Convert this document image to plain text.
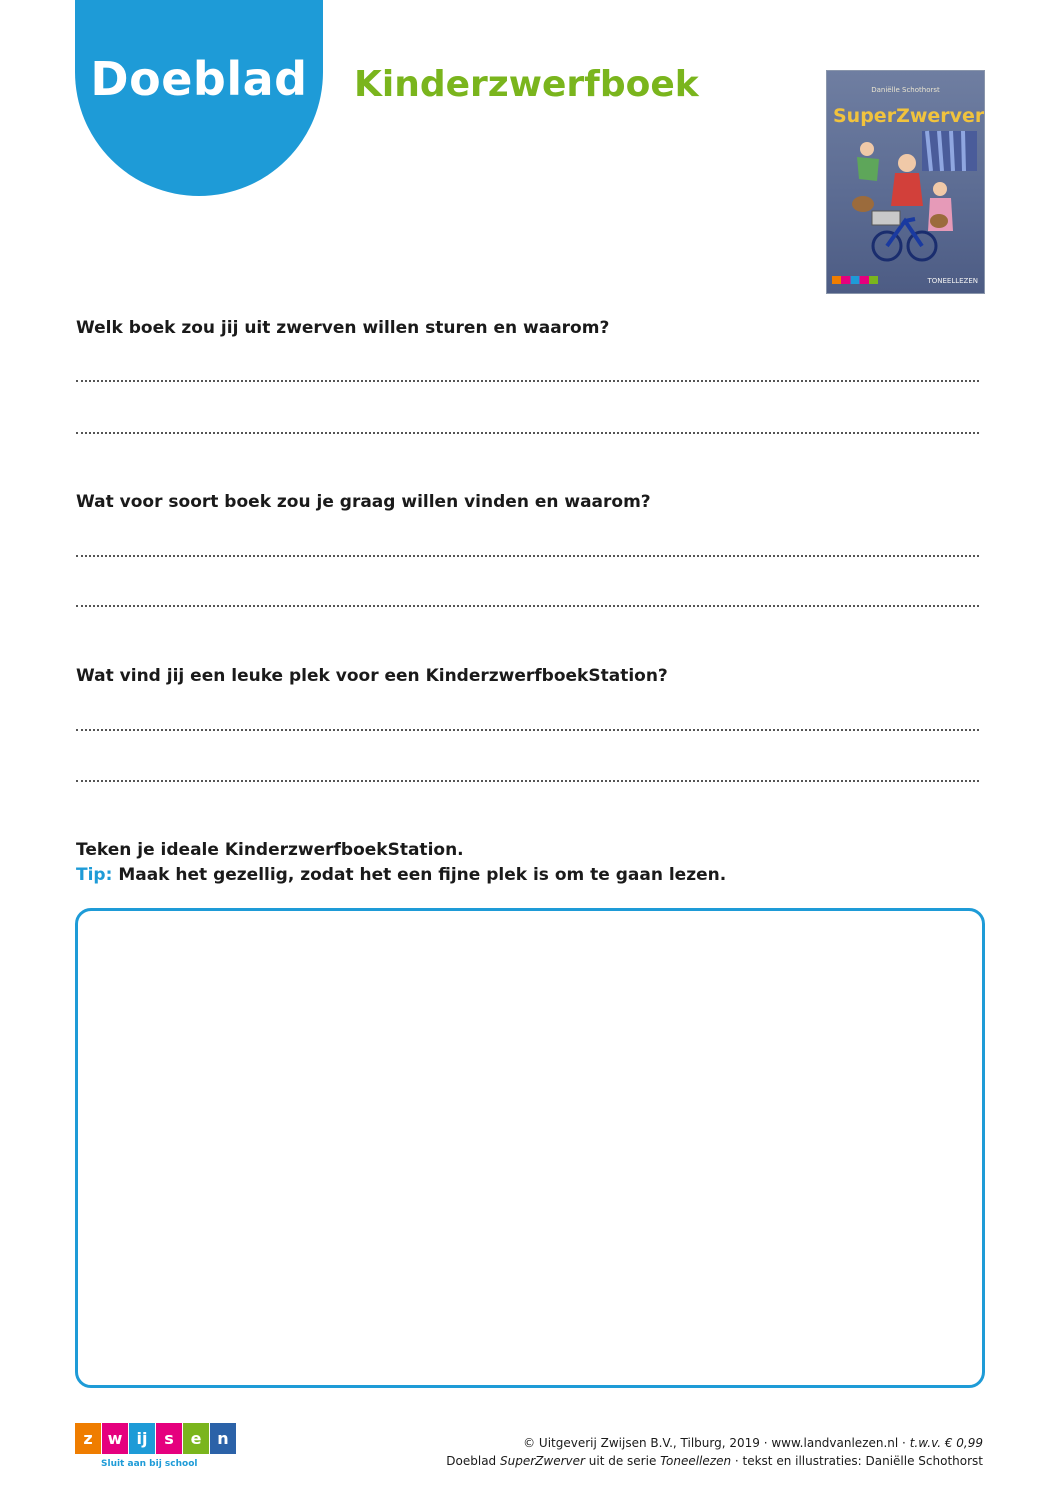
Doeblad	Kinderzwerfboek	Daniëlle Schothorst
SuperZwerver
TONEELLEZEN
Welk boek zou jij uit zwerven willen sturen en waarom?
Wat voor soort boek zou je graag willen vinden en waarom?
Wat vind jij een leuke plek voor een KinderzwerfboekStation?
Teken je ideale KinderzwerfboekStation.
Tip: Maak het gezellig, zodat het een fijne plek is om te gaan lezen.
z w ij	s	e n
Sluit aan bij school
© Uitgeverij Zwijsen B.V., Tilburg, 2019 · www.landvanlezen.nl · t.w.v. € 0,99
Doeblad SuperZwerver uit de serie Toneellezen · tekst en illustraties: Daniëlle Schothorst
